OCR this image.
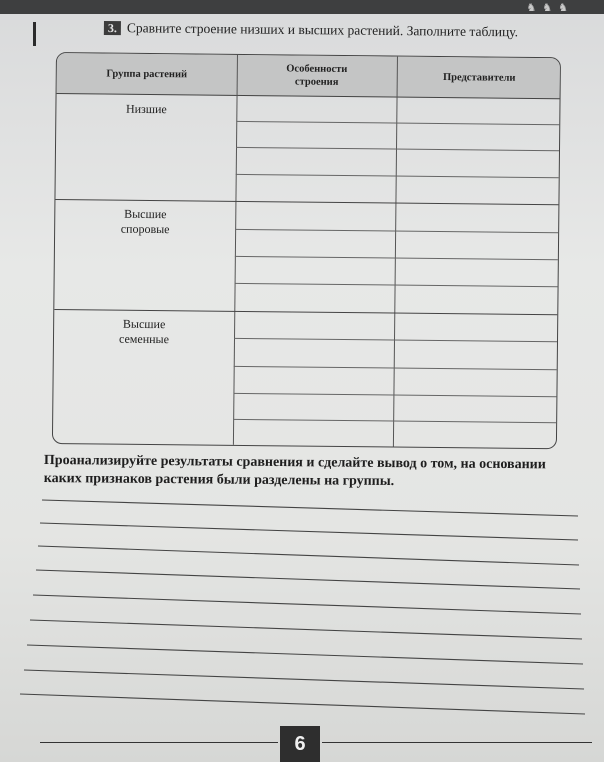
♞♞♞
3. Сравните строение низших и высших растений. Заполните таблицу.
Группа растений	Особенности строения	Представители
Низшие
Высшие споровые
Высшие семенные
Проанализируйте результаты сравнения и сделайте вывод о том, на основании каких признаков растения были разделены на группы.
6
